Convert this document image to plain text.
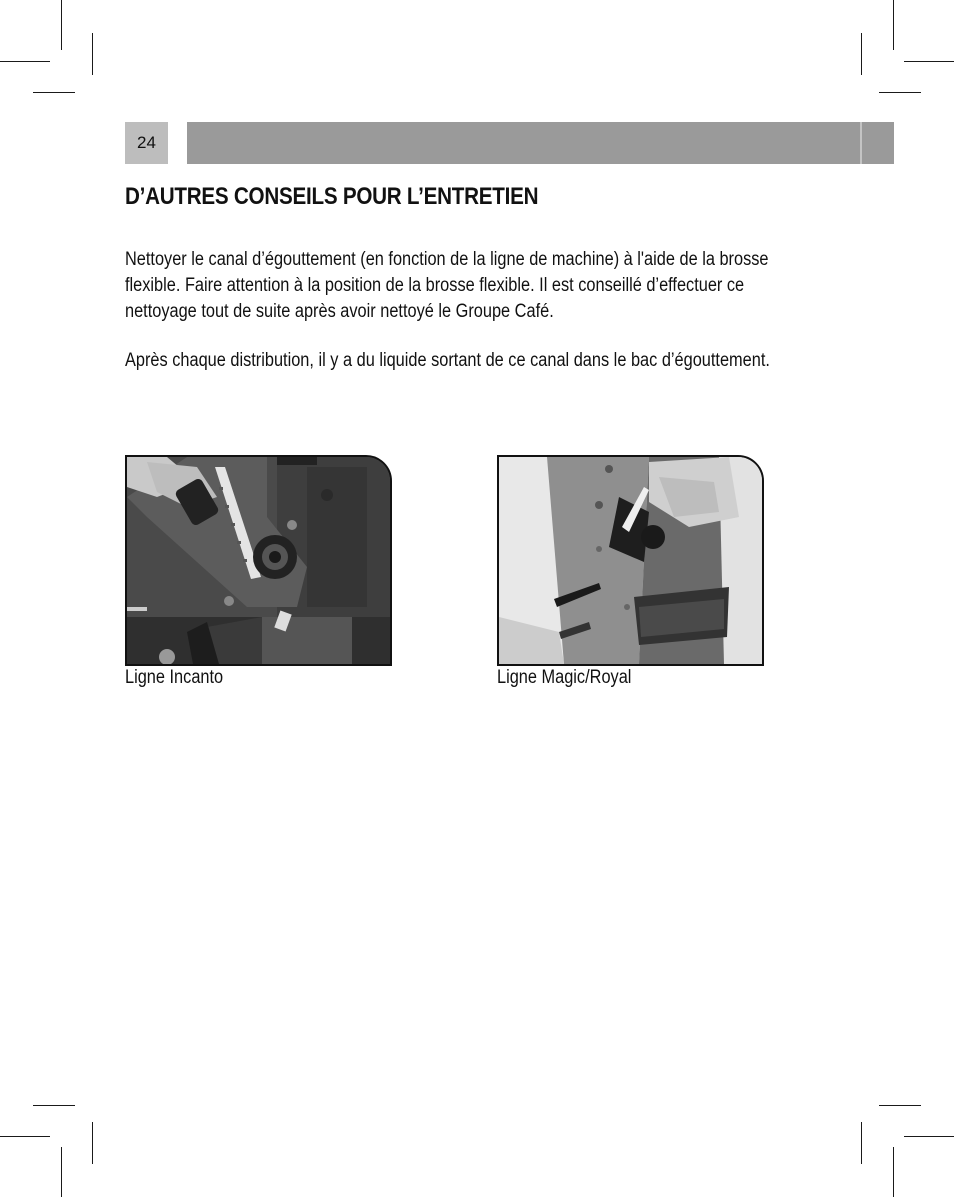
24
D’AUTRES CONSEILS POUR L’ENTRETIEN
Nettoyer le canal d’égouttement (en fonction de la ligne de machine) à l'aide de la brosse flexible. Faire attention à la position de la brosse flexible. Il est conseillé d’effectuer ce nettoyage tout de suite après avoir nettoyé le Groupe Café.
Après chaque distribution, il y a du liquide sortant de ce canal dans le bac d’égouttement.
Ligne Incanto	Ligne Magic/Royal
